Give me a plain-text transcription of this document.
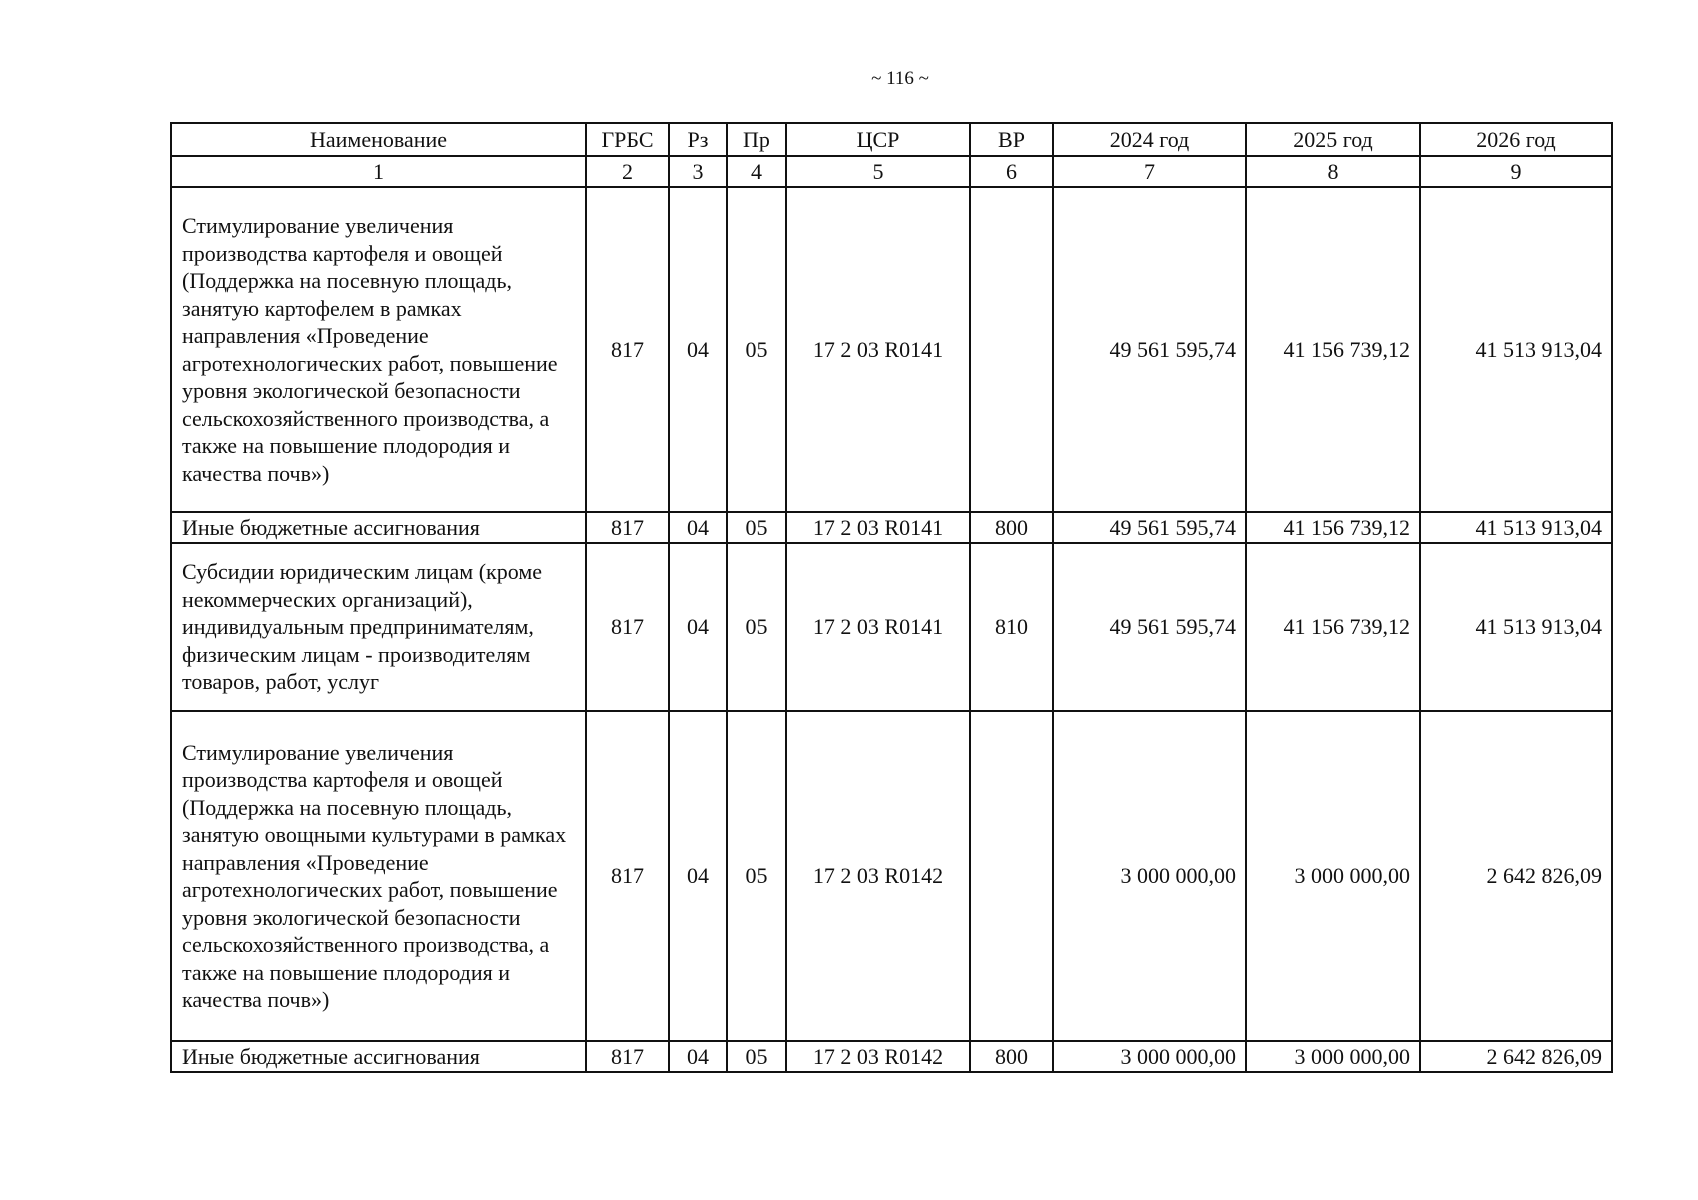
~ 116 ~
Наименование	ГРБС	Рз	Пр	ЦСР	ВР	2024 год	2025 год	2026 год
1	2	3	4	5	6	7	8	9
Стимулирование увеличения производства картофеля и овощей (Поддержка на посевную площадь, занятую картофелем в рамках направления «Проведение агротехнологических работ, повышение уровня экологической безопасности сельскохозяйственного производства, а также на повышение плодородия и качества почв»)	817	04	05	17 2 03 R0141		49 561 595,74	41 156 739,12	41 513 913,04
Иные бюджетные ассигнования	817	04	05	17 2 03 R0141	800	49 561 595,74	41 156 739,12	41 513 913,04
Субсидии юридическим лицам (кроме некоммерческих организаций), индивидуальным предпринимателям, физическим лицам - производителям товаров, работ, услуг	817	04	05	17 2 03 R0141	810	49 561 595,74	41 156 739,12	41 513 913,04
Стимулирование увеличения производства картофеля и овощей (Поддержка на посевную площадь, занятую овощными культурами в рамках направления «Проведение агротехнологических работ, повышение уровня экологической безопасности сельскохозяйственного производства, а также на повышение плодородия и качества почв»)	817	04	05	17 2 03 R0142		3 000 000,00	3 000 000,00	2 642 826,09
Иные бюджетные ассигнования	817	04	05	17 2 03 R0142	800	3 000 000,00	3 000 000,00	2 642 826,09
